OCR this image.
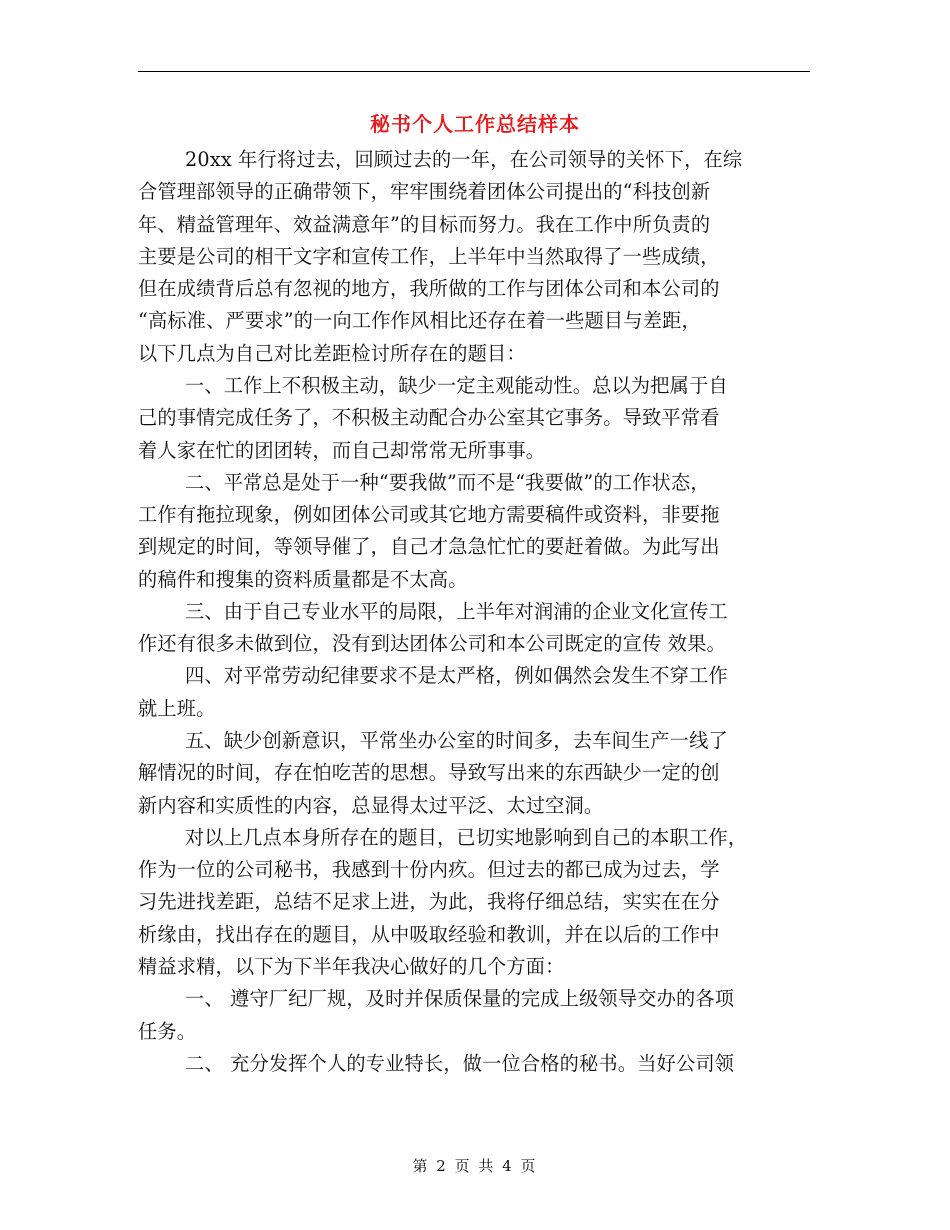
秘书个人工作总结样本
20xx 年行将过去，回顾过去的一年，在公司领导的关怀下，在综
合管理部领导的正确带领下，牢牢围绕着团体公司提出的“科技创新
年、精益管理年、效益满意年”的目标而努力。我在工作中所负责的
主要是公司的相干文字和宣传工作，上半年中当然取得了一些成绩，
但在成绩背后总有忽视的地方，我所做的工作与团体公司和本公司的
“高标准、严要求”的一向工作作风相比还存在着一些题目与差距，
以下几点为自己对比差距检讨所存在的题目：
一、工作上不积极主动，缺少一定主观能动性。总以为把属于自
己的事情完成任务了，不积极主动配合办公室其它事务。导致平常看
着人家在忙的团团转，而自己却常常无所事事。
二、平常总是处于一种“要我做”而不是“我要做”的工作状态，
工作有拖拉现象，例如团体公司或其它地方需要稿件或资料，非要拖
到规定的时间，等领导催了，自己才急急忙忙的要赶着做。为此写出
的稿件和搜集的资料质量都是不太高。
三、由于自己专业水平的局限，上半年对润浦的企业文化宣传工
作还有很多未做到位，没有到达团体公司和本公司既定的宣传 效果。
四、对平常劳动纪律要求不是太严格，例如偶然会发生不穿工作
就上班。
五、缺少创新意识，平常坐办公室的时间多，去车间生产一线了
解情况的时间，存在怕吃苦的思想。导致写出来的东西缺少一定的创
新内容和实质性的内容，总显得太过平泛、太过空洞。
对以上几点本身所存在的题目，已切实地影响到自己的本职工作，
作为一位的公司秘书，我感到十份内疚。但过去的都已成为过去，学
习先进找差距，总结不足求上进，为此，我将仔细总结，实实在在分
析缘由，找出存在的题目，从中吸取经验和教训，并在以后的工作中
精益求精，以下为下半年我决心做好的几个方面：
一、 遵守厂纪厂规，及时并保质保量的完成上级领导交办的各项
任务。
二、 充分发挥个人的专业特长，做一位合格的秘书。当好公司领
第 2 页 共 4 页
